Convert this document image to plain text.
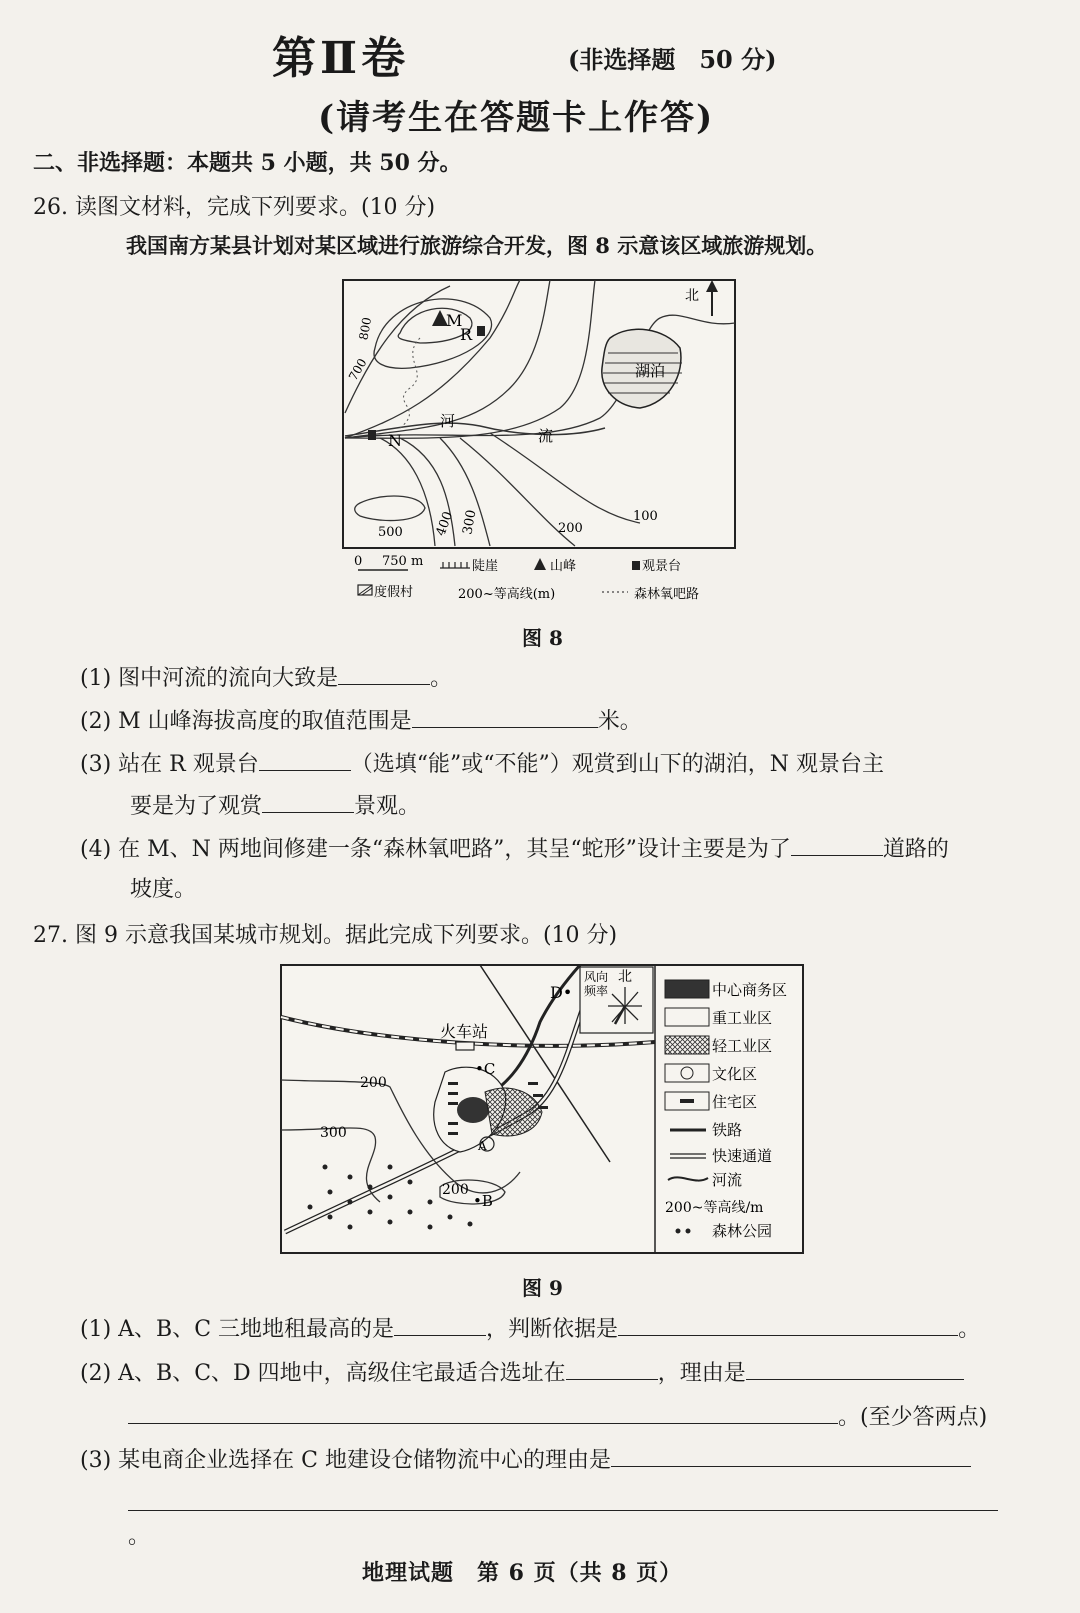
第Ⅱ卷	(非选择题　50 分)
(请考生在答题卡上作答)
二、非选择题：本题共 5 小题，共 50 分。
26. 读图文材料，完成下列要求。(10 分)
我国南方某县计划对某区域进行旅游综合开发，图 8 示意该区域旅游规划。
北
M
R
N
河
流
湖泊
800
700
500 400 300	200
100
0 750 m	陡崖	山峰	观景台
度假村	200~等高线(m)	森林氧吧路
图 8
(1) 图中河流的流向大致是	。
(2) M 山峰海拔高度的取值范围是	米。
(3) 站在 R 观景台	（选填“能”或“不能”）观赏到山下的湖泊，N 观景台主
要是为了观赏	景观。
(4) 在 M、N 两地间修建一条“森林氧吧路”，其呈“蛇形”设计主要是为了	道路的
坡度。
27. 图 9 示意我国某城市规划。据此完成下列要求。(10 分)
火车站
•C
A
•B
D•
200
300
200
风向
频率
北
中心商务区
重工业区
轻工业区
文化区
住宅区
铁路
快速通道
河流
200~等高线/m
森林公园
图 9
(1) A、B、C 三地地租最高的是	，判断依据是	。
(2) A、B、C、D 四地中，高级住宅最适合选址在	，理由是
。(至少答两点)
(3) 某电商企业选择在 C 地建设仓储物流中心的理由是
。
地理试题　第 6 页（共 8 页）
